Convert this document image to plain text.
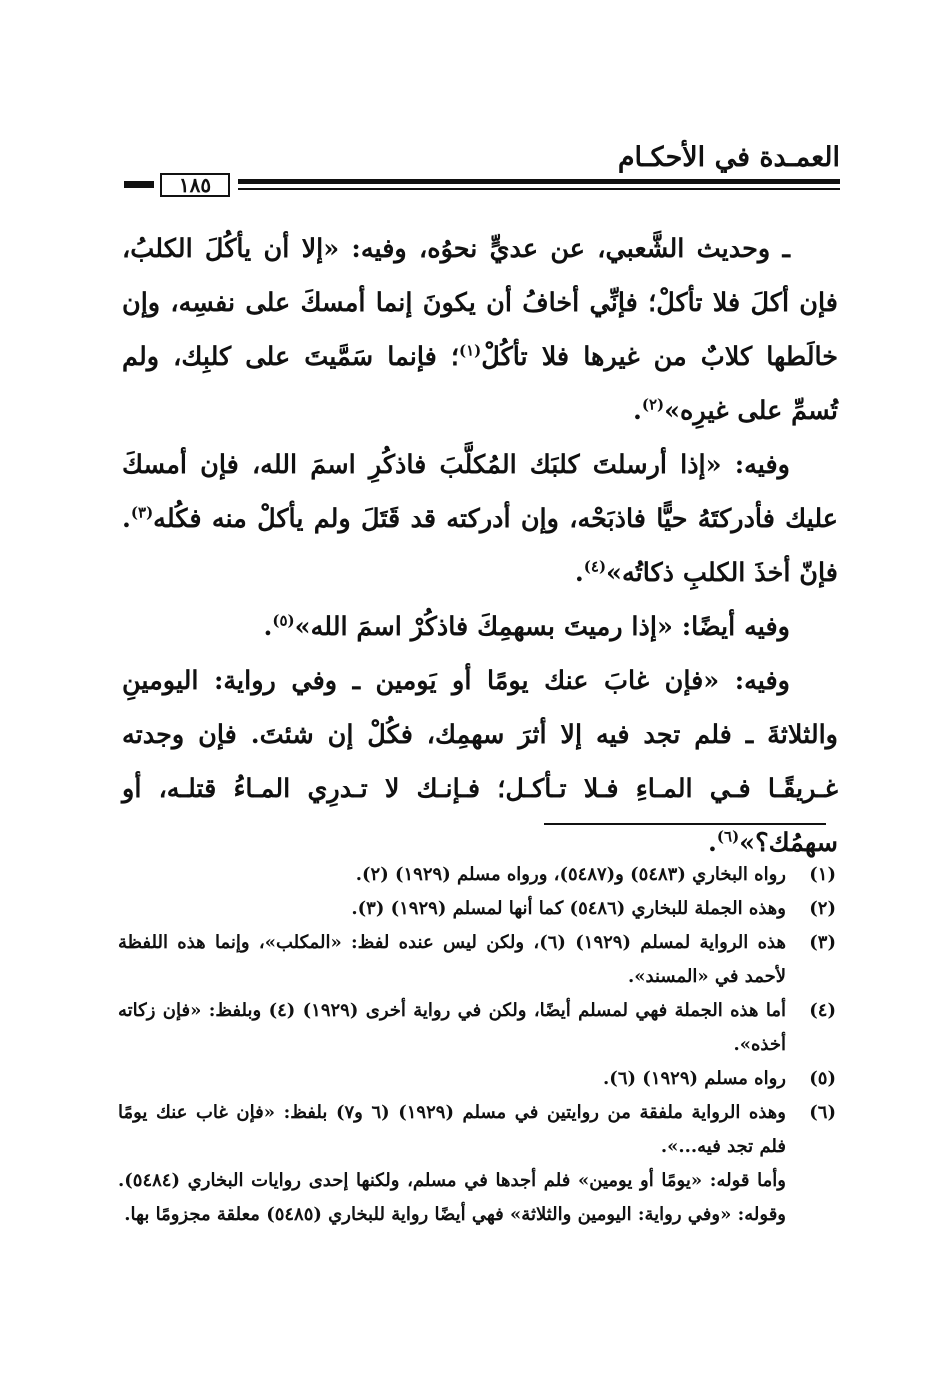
العمـدة في الأحكـام
١٨٥

ـ وحديث الشَّعبي، عن عديٍّ نحوُه، وفيه: «إلا أن يأكُلَ الكلبُ، فإن أكلَ فلا تأكلْ؛ فإنِّي أخافُ أن يكونَ إنما أمسكَ على نفسِه، وإن خالَطها كلابٌ من غيرها فلا تأكُلْ$^{(١)}$؛ فإنما سَمَّيتَ على كلبِك، ولم تُسمِّ على غيرِه»$^{(٢)}$.

وفيه: «إذا أرسلتَ كلبَك المُكلَّبَ فاذكُرِ اسمَ الله، فإن أمسكَ عليك فأدركتَهُ حيًّا فاذبَحْه، وإن أدركته قد قَتَلَ ولم يأكلْ منه فكُله$^{(٣)}$. فإنّ أخذَ الكلبِ ذكاتُه»$^{(٤)}$.

وفيه أيضًا: «إذا رميتَ بسهمِكَ فاذكُرْ اسمَ الله»$^{(٥)}$.

وفيه: «فإن غابَ عنك يومًا أو يَومين ـ وفي رواية: اليومينِ والثلاثةَ ـ فلم تجد فيه إلا أثرَ سهمِك، فكُلْ إن شئتَ. فإن وجدته غـريقًـا فـي المـاءِ فـلا تـأكـل؛ فـإنـك لا تـدرِي المـاءُ قتلـه، أو سهمُك؟»$^{(٦)}$.

(١)
رواه البخاري (٥٤٨٣) و(٥٤٨٧)، ورواه مسلم (١٩٢٩) (٢).
(٢)
وهذه الجملة للبخاري (٥٤٨٦) كما أنها لمسلم (١٩٢٩) (٣).
(٣)
هذه الرواية لمسلم (١٩٢٩) (٦)، ولكن ليس عنده لفظ: «المكلب»، وإنما هذه اللفظة لأحمد في «المسند».
(٤)
أما هذه الجملة فهي لمسلم أيضًا، ولكن في رواية أخرى (١٩٢٩) (٤) وبلفظ: «فإن زكاته أخذه».
(٥)
رواه مسلم (١٩٢٩) (٦).
(٦)
وهذه الرواية ملفقة من روايتين في مسلم (١٩٢٩) (٦ و٧) بلفظ: «فإن غاب عنك يومًا فلم تجد فيه...».
وأما قوله: «يومًا أو يومين» فلم أجدها في مسلم، ولكنها إحدى روايات البخاري (٥٤٨٤). وقوله: «وفي رواية: اليومين والثلاثة» فهي أيضًا رواية للبخاري (٥٤٨٥) معلقة مجزومًا بها.
